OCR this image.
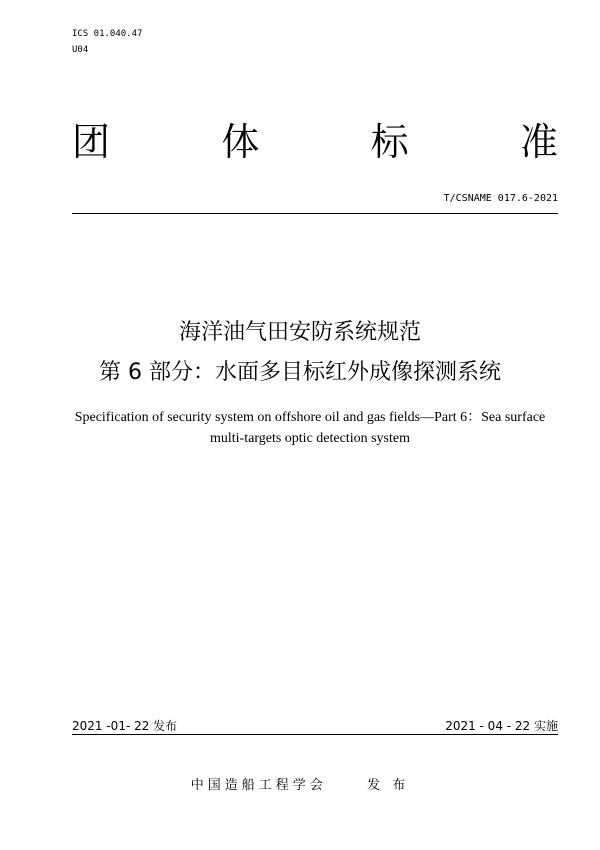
ICS 01.040.47
U04
团	体	标	准
T/CSNAME 017.6-2021
海洋油气田安防系统规范
第 6 部分：水面多目标红外成像探测系统
Specification of security system on offshore oil and gas fields—Part 6：Sea surface
multi-targets optic detection system
2021 -01- 22 发布	2021 - 04 - 22 实施
中国造船工程学会	发 布
